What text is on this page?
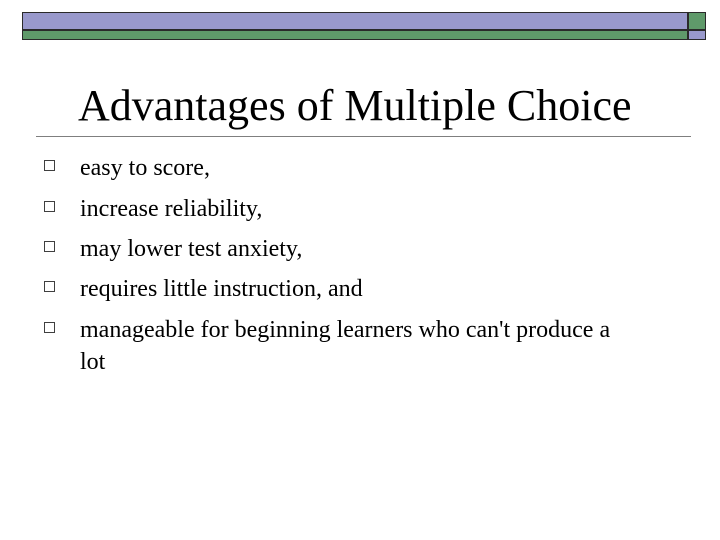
Advantages of Multiple Choice
easy to score,
increase reliability,
may lower test anxiety,
requires little instruction, and
manageable for beginning learners who can't produce a lot
